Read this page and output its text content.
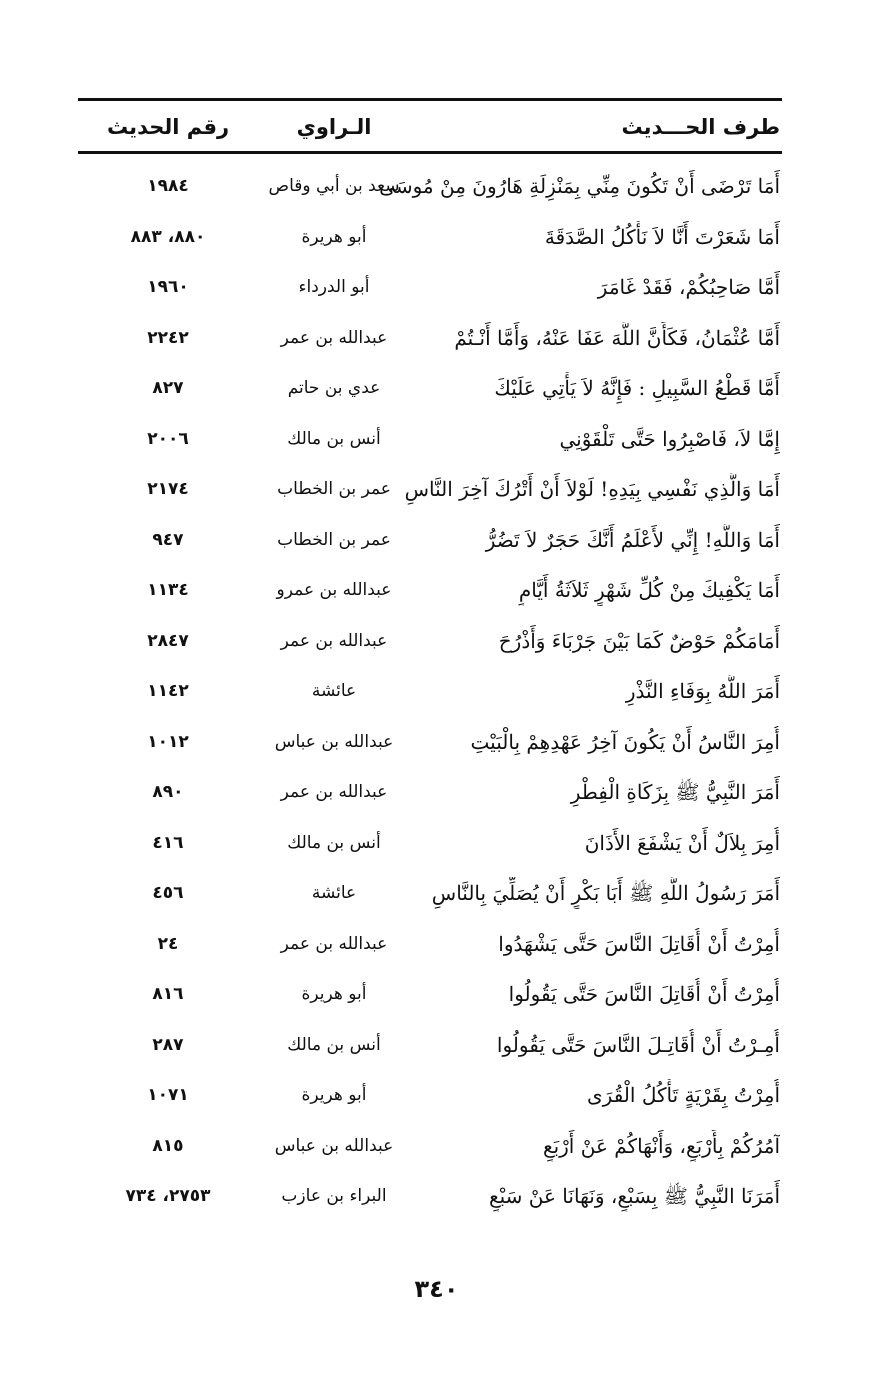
طرف الحـــديث
الـراوي
رقم الحديث
أَمَا تَرْضَى أَنْ تَكُونَ مِنِّي بِمَنْزِلَةِ هَارُونَ مِنْ مُوسَى
سعد بن أبي وقاص
١٩٨٤
أَمَا شَعَرْتَ أَنَّا لاَ نَأْكُلُ الصَّدَقَةَ
أبو هريرة
٨٨٠، ٨٨٣
أَمَّا صَاحِبُكُمْ، فَقَدْ غَامَرَ
أبو الدرداء
١٩٦٠
أَمَّا عُثْمَانُ، فَكَأَنَّ اللَّهَ عَفَا عَنْهُ، وَأَمَّا أَنْـتُمْ
عبدالله بن عمر
٢٢٤٢
أَمَّا قَطْعُ السَّبِيلِ : فَإِنَّهُ لاَ يَأْتِي عَلَيْكَ
عدي بن حاتم
٨٢٧
إِمَّا لاَ، فَاصْبِرُوا حَتَّى تَلْقَوْنِي
أنس بن مالك
٢٠٠٦
أَمَا وَالَّذِي نَفْسِي بِيَدِهِ! لَوْلاَ أَنْ أَتْرُكَ آخِرَ النَّاسِ
عمر بن الخطاب
٢١٧٤
أَمَا وَاللَّهِ! إِنِّي لأَعْلَمُ أَنَّكَ حَجَرٌ لاَ تَضُرُّ
عمر بن الخطاب
٩٤٧
أَمَا يَكْفِيكَ مِنْ كُلِّ شَهْرٍ ثَلاَثَةُ أَيَّامٍ
عبدالله بن عمرو
١١٣٤
أَمَامَكُمْ حَوْضٌ كَمَا بَيْنَ جَرْبَاءَ وَأَذْرُحَ
عبدالله بن عمر
٢٨٤٧
أَمَرَ اللَّهُ بِوَفَاءِ النَّذْرِ
عائشة
١١٤٢
أُمِرَ النَّاسُ أَنْ يَكُونَ آخِرُ عَهْدِهِمْ بِالْبَيْتِ
عبدالله بن عباس
١٠١٢
أَمَرَ النَّبِيُّ ﷺ بِزَكَاةِ الْفِطْرِ
عبدالله بن عمر
٨٩٠
أُمِرَ بِلاَلٌ أَنْ يَشْفَعَ الأَذَانَ
أنس بن مالك
٤١٦
أَمَرَ رَسُولُ اللَّهِ ﷺ أَبَا بَكْرٍ أَنْ يُصَلِّيَ بِالنَّاسِ
عائشة
٤٥٦
أُمِرْتُ أَنْ أُقَاتِلَ النَّاسَ حَتَّى يَشْهَدُوا
عبدالله بن عمر
٢٤
أُمِرْتُ أَنْ أُقَاتِلَ النَّاسَ حَتَّى يَقُولُوا
أبو هريرة
٨١٦
أُمِـرْتُ أَنْ أُقَاتِـلَ النَّاسَ حَتَّى يَقُولُوا
أنس بن مالك
٢٨٧
أُمِرْتُ بِقَرْيَةٍ تَأْكُلُ الْقُرَى
أبو هريرة
١٠٧١
آمُرُكُمْ بِأَرْبَعٍ، وَأَنْهَاكُمْ عَنْ أَرْبَعٍ
عبدالله بن عباس
٨١٥
أَمَرَنَا النَّبِيُّ ﷺ بِسَبْعٍ، وَنَهَانَا عَنْ سَبْعٍ
البراء بن عازب
٢٧٥٣، ٧٣٤
٣٤٠
